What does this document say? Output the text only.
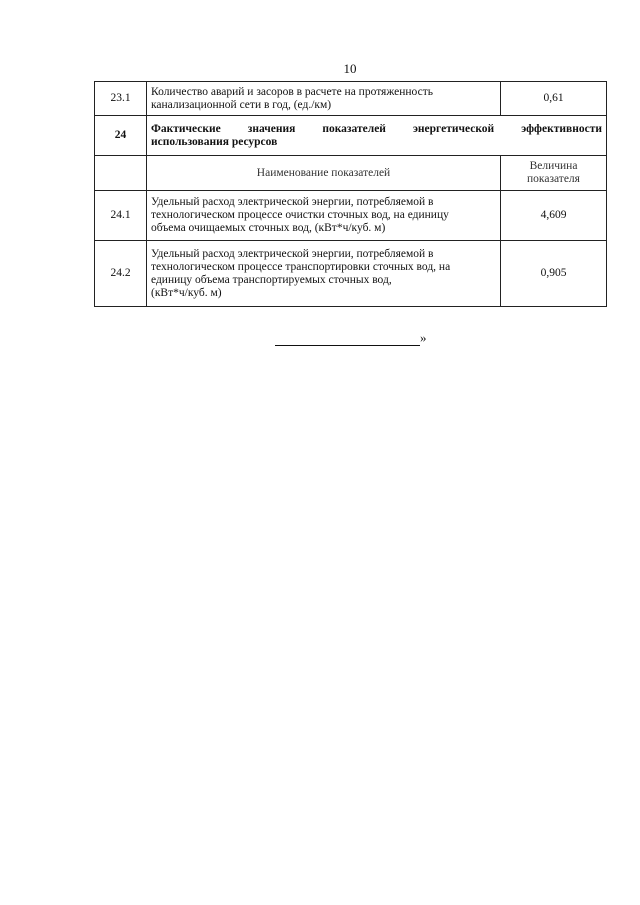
10
23.1	Количество аварий и засоров в расчете на протяженность
канализационной сети в год, (ед./км)	0,61
24	Фактические значения показателей энергетической эффективности
использования ресурсов	
	Наименование показателей	Величина
показателя
24.1	Удельный расход электрической энергии, потребляемой в
технологическом процессе очистки сточных вод, на единицу
объема очищаемых сточных вод, (кВт*ч/куб. м)	4,609
24.2	Удельный расход электрической энергии, потребляемой в
технологическом процессе транспортировки сточных вод, на
единицу объема транспортируемых сточных вод,
(кВт*ч/куб. м)	0,905
»
